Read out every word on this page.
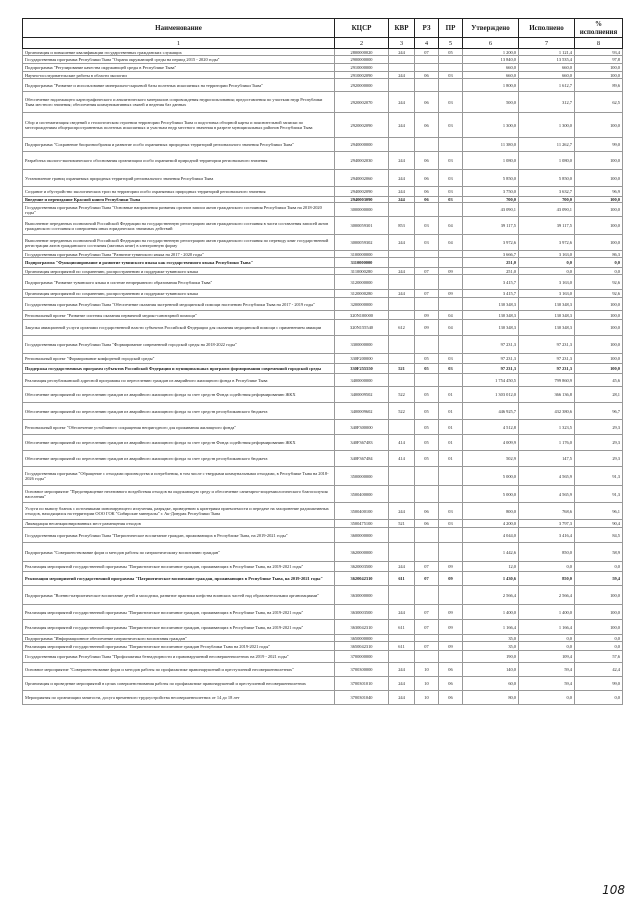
Наименование	КЦСР	КВР	РЗ	ПР	Утверждено	Исполнено	% исполнения
1	2	3	4	5	6	7	8
Организация и повышение квалификации государственных гражданских служащих	2800000020	244	07	05	1 200,0	1 121,4	93,4
Государственная программа Республики Тыва "Охрана окружающей среды на период 2015 - 2020 годы"	2900000000				13 840,0	13 535,4	97,8
Подпрограмма "Регулирование качества окружающей среды в Республике Тыва"	2910000000				660,0	660,0	100,0
Научно-исследовательские работы в области экологии	2910002090	244	06	03	660,0	660,0	100,0
Подпрограмма "Развитие и использование минерально-сырьевой базы полезных ископаемых на территории Республики Тыва"	2920000000				1 800,0	1 612,7	89,6
Обеспечение надлежащего картографического и аналитического материалов сопровождения недропользования; предоставления по участкам недр Республики Тыва местного значения; обеспечения коммуникативных связей и ведения баз данных	2920002070	244	06	03	500,0	312,7	62,5
Сбор и систематизация сведений о геологическом строении территории Республики Тыва и подготовка обзорной карты и пояснительной записки по месторождениям общераспространенных полезных ископаемых и участкам недр местного значения в разрезе муниципальных районов Республики Тыва	2920002090	244	06	03	1 300,0	1 300,0	100,0
Подпрограмма "Сохранение биоразнообразия и развитие особо охраняемых природных территорий регионального значения Республики Тыва"	2940000000				11 380,0	11 262,7	99,0
Разработка эколого-экономического обоснования организации особо охраняемой природной территории регионального значения	2940002030	244	06	03	1 080,0	1 080,0	100,0
Установление границ охраняемых природных территорий регионального значения Республики Тыва	2940002060	244	06	03	5 850,0	5 850,0	100,0
Создание и обустройство экологических троп на территории особо охраняемых природных территорий регионального значения	2940002090	244	06	03	3 750,0	3 632,7	96,9
Введение и переиздание Красной книги Республики Тыва	2940003090	244	06	03	700,0	700,0	100,0
Государственная программа Республики Тыва "Основные направления развития органов записи актов гражданского состояния Республики Тыва на 2018-2020 годы"	3000000000				43 090,1	43 090,1	100,0
Выполнение переданных полномочий Российской Федерации на государственную регистрацию актов гражданского состояния в части составления записей актов гражданского состояния и совершения иных юридических значимых действий	3000059301	853	03	04	39 117,5	39 117,5	100,0
Выполнение переданных полномочий Российской Федерации на государственную регистрацию актов гражданского состояния по переводу книг государственной регистрации актов гражданского состояния (актовых книг) в электронную форму	3000059302	244	03	04	3 972,6	3 972,6	100,0
Государственная программа Республики Тыва "Развитие тувинского языка на 2017 - 2020 годы"	3100000000				3 666,7	3 163,0	86,3
Подпрограмма "Функционирование и развитие тувинского языка как государственного языка Республики Тыва"	3110000000				251,0	0,0	0,0
Организация мероприятий по сохранению, распространению и поддержке тувинского языка	3110000280	244	07	09	251,0	0,0	0,0
Подпрограмма "Развитие тувинского языка в системе непрерывного образования Республики Тыва"	3120000000				3 415,7	3 163,0	92,6
Организация мероприятий по сохранению, распространению и поддержке тувинского языка	3120000280	244	07	09	3 415,7	3 163,0	92,6
Государственная программа Республики Тыва "Обеспечение оказания экстренной медицинской помощи населению Республики Тыва на 2017 - 2019 годы"	3200000000				130 348,3	130 348,3	100,0
Региональный проект "Развитие системы оказания первичной медико-санитарной помощи"	320N100000		09	04	130 348,3	130 348,3	100,0
Закупка авиационной услуги органами государственной власти субъектов Российской Федерации для оказания медицинской помощи с применением авиации	320N155540	612	09	04	130 348,3	130 348,3	100,0
Государственная программа Республики Тыва "Формирование современной городской среды на 2018-2022 годы"	3300000000				97 231,3	97 231,3	100,0
Региональный проект "Формирование комфортной городской среды"	330F200000		05	03	97 231,3	97 231,3	100,0
Поддержка государственных программ субъектов Российской Федерации и муниципальных программ формирования современной городской среды	330F255550	521	05	03	97 231,3	97 231,3	100,0
Реализация республиканской адресной программы по переселению граждан из аварийного жилищного фонда в Республике Тыва	3400000000				1 754 450,5	799 860,9	45,6
Обеспечение мероприятий по переселению граждан из аварийного жилищного фонда за счет средств Фонда содействия реформированию ЖКХ	3400009502	522	05	01	1 303 012,0	366 136,8	28,1
Обеспечение мероприятий по переселению граждан из аварийного жилищного фонда за счет средств республиканского бюджета	3400009602	522	05	01	446 925,7	432 380,6	96,7
Региональный проект "Обеспечение устойчивого сокращения непригодного для проживания жилищного фонда"	340F300000		05	01	4 512,8	1 323,5	29,3
Обеспечение мероприятий по переселению граждан из аварийного жилищного фонда за счет средств Фонда содействия реформированию ЖКХ	340F367483	414	05	01	4 009,9	1 176,0	29,3
Обеспечение мероприятий по переселению граждан из аварийного жилищного фонда за счет средств республиканского бюджета	340F367484	414	05	01	502,9	147,5	29,3
Государственная программа "Обращение с отходами производства и потребления, в том числе с твердыми коммунальными отходами, в Республике Тыва на 2018-2026 годы"	3500000000				5 000,0	4 565,9	91,3
Основное мероприятие "Предотвращение негативного воздействия отходов на окружающую среду и обеспечение санитарно-эпидемиологического благополучия населения"	3500400000				5 000,0	4 565,9	91,3
Услуги по вывозу бланок с источниками ионизирующего излучения, разрядке, приведению к критериям приемлемости и передаче на захоронение радиоактивных отходов, находящихся на территории ООО ГОК "Сибирские минералы" г. Ак-Довурак Республики Тыва	3500400100	244	06	03	800,0	768,6	96,1
Ликвидация несанкционированных мест размещения отходов	3500475100	521	06	03	4 200,0	3 797,3	90,4
Государственная программа Республики Тыва "Патриотическое воспитание граждан, проживающих в Республике Тыва, на 2019-2021 годы"	3600000000				4 044,0	3 416,4	84,5
Подпрограмма "Совершенствование форм и методов работы по патриотическому воспитанию граждан"	3620000000				1 442,6	850,0	58,9
Реализация мероприятий государственной программы "Патриотическое воспитание граждан, проживающих в Республике Тыва, на 2019-2021 годы"	3620003500	244	07	09	12,0	0,0	0,0
Реализация мероприятий государственной программы "Патриотическое воспитание граждан, проживающих в Республике Тыва, на 2019-2021 годы"	3620042310	611	07	09	1 430,6	850,0	59,4
Подпрограмма "Военно-патриотическое воспитание детей и молодежи, развитие практики шефства воинских частей над образовательными организациями"	3630000000				2 566,4	2 566,4	100,0
Реализация мероприятий государственной программы "Патриотическое воспитание граждан, проживающих в Республике Тыва, на 2019-2021 годы"	3630003500	244	07	09	1 400,0	1 400,0	100,0
Реализация мероприятий государственной программы "Патриотическое воспитание граждан, проживающих в Республике Тыва, на 2019-2021 годы"	3630042310	611	07	09	1 166,4	1 166,4	100,0
Подпрограмма "Информационное обеспечение патриотического воспитания граждан"	3650000000				35,0	0,0	0,0
Реализация мероприятий государственной программы "Патриотическое воспитание граждан Республики Тыва на 2019-2021 годы"	3650042310	611	07	09	35,0	0,0	0,0
Государственная программа Республики Тыва "Профилактика безнадзорности и правонарушений несовершеннолетних на 2019 - 2021 годы"	3700000000				190,0	109,4	57,6
Основное мероприятие "Совершенствование форм и методов работы по профилактике правонарушений и преступлений несовершеннолетних"	3700300000	244	10	06	140,0	59,4	42,4
Организация и проведение мероприятий в целях совершенствования работы по профилактике правонарушений и преступлений несовершеннолетних	3700301010	244	10	06	60,0	59,4	99,0
Мероприятия по организации занятости, досуга временного трудоустройства несовершеннолетних от 14 до 18 лет	3700301040	244	10	06	80,0	0,0	0,0
108
